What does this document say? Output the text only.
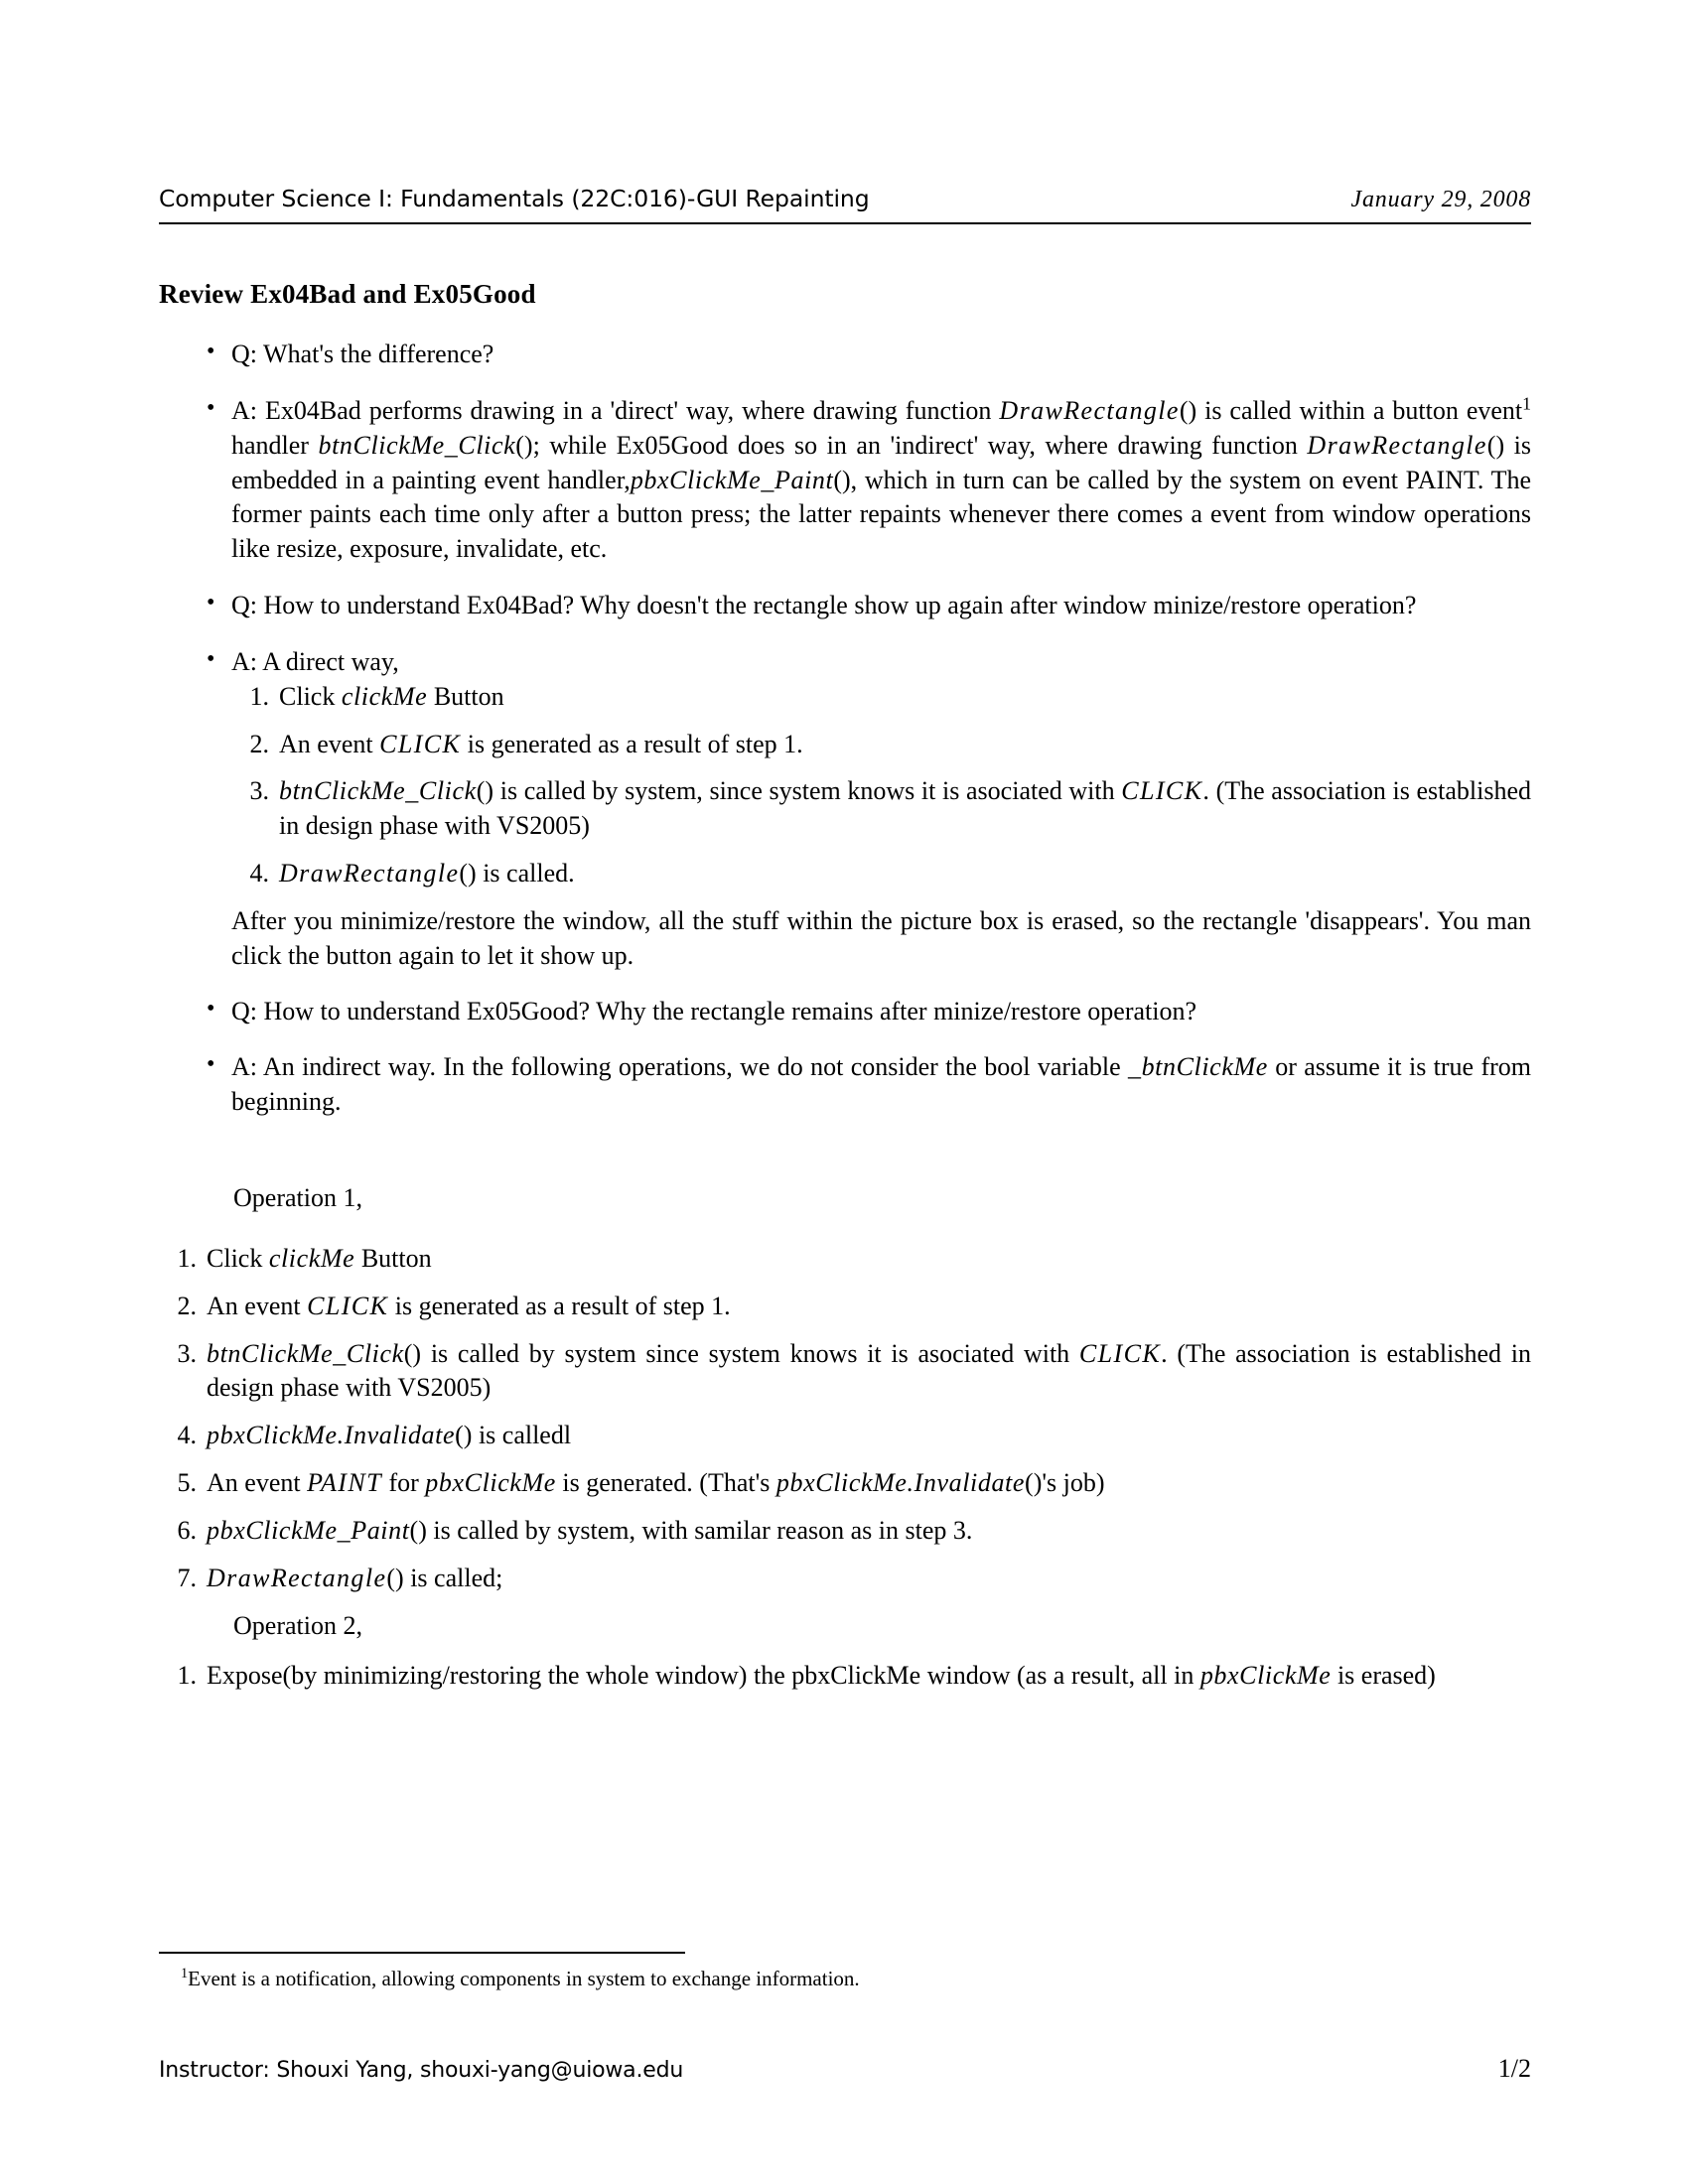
Computer Science I: Fundamentals (22C:016)-GUI Repainting	January 29, 2008
Review Ex04Bad and Ex05Good
• Q: What's the difference?
• A: Ex04Bad performs drawing in a 'direct' way, where drawing function DrawRectangle() is called within a button event$^1$ handler btnClickMe_Click(); while Ex05Good does so in an 'indirect' way, where drawing function DrawRectangle() is embedded in a painting event handler,pbxClickMe_Paint(), which in turn can be called by the system on event PAINT. The former paints each time only after a button press; the latter repaints whenever there comes a event from window operations like resize, exposure, invalidate, etc.
• Q: How to understand Ex04Bad? Why doesn't the rectangle show up again after window minize/restore operation?
• A: A direct way,
Click clickMe Button
An event CLICK is generated as a result of step 1.
btnClickMe_Click() is called by system, since system knows it is asociated with CLICK. (The association is established in design phase with VS2005)
DrawRectangle() is called.

After you minimize/restore the window, all the stuff within the picture box is erased, so the rectangle 'disappears'. You man click the button again to let it show up.

• Q: How to understand Ex05Good? Why the rectangle remains after minize/restore operation?
• A: An indirect way. In the following operations, we do not consider the bool variable _btnClickMe or assume it is true from beginning.

Operation 1,

Click clickMe Button
An event CLICK is generated as a result of step 1.
btnClickMe_Click() is called by system since system knows it is asociated with CLICK. (The association is established in design phase with VS2005)
pbxClickMe.Invalidate() is calledl
An event PAINT for pbxClickMe is generated. (That's pbxClickMe.Invalidate()'s job)
pbxClickMe_Paint() is called by system, with samilar reason as in step 3.
DrawRectangle() is called;

Operation 2,

Expose(by minimizing/restoring the whole window) the pbxClickMe window (as a result, all in pbxClickMe is erased)

$^1$Event is a notification, allowing components in system to exchange information.

Instructor: Shouxi Yang, shouxi-yang@uiowa.edu	1/2
